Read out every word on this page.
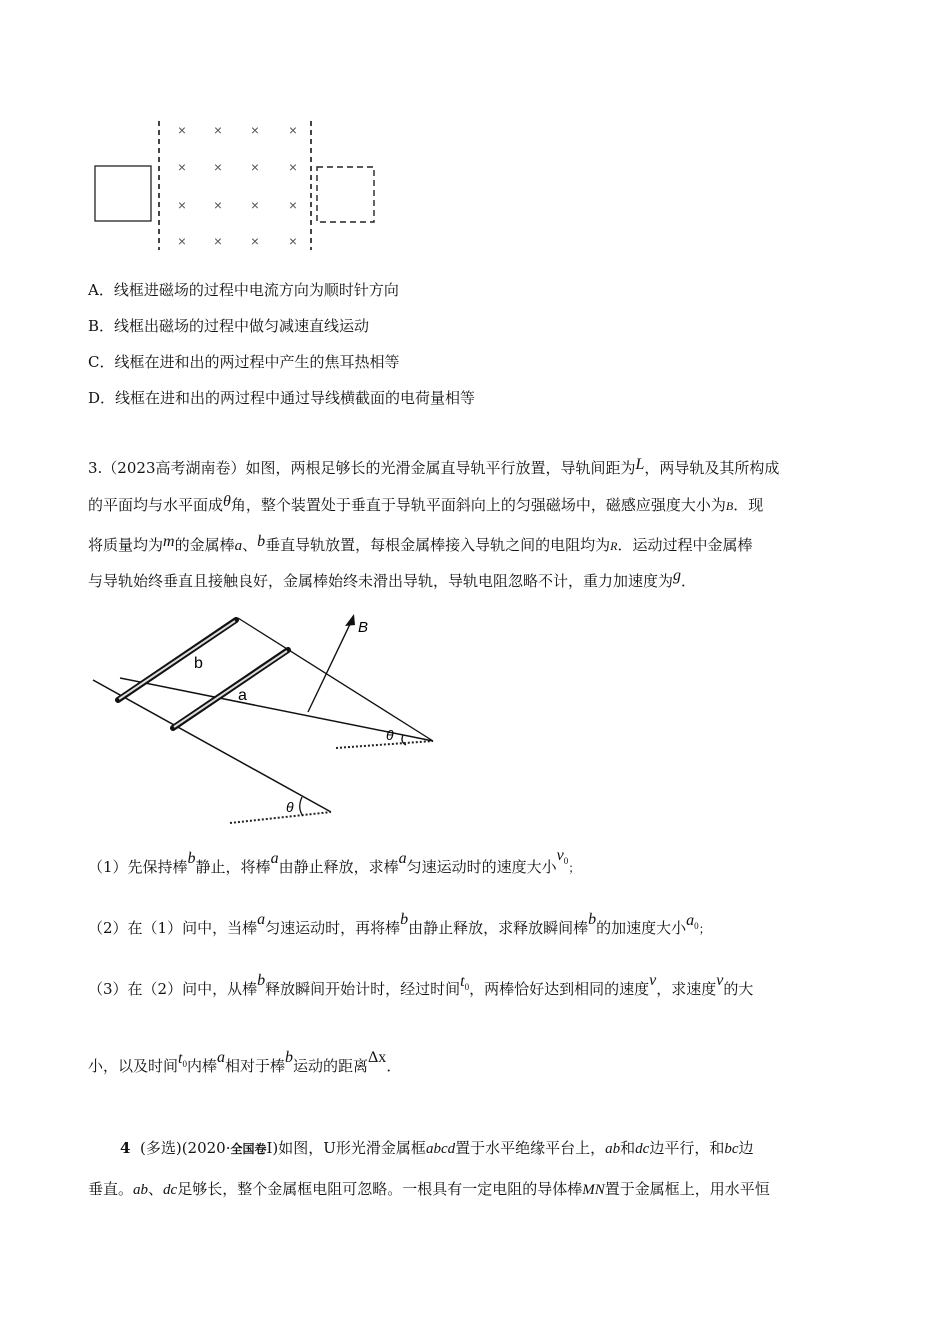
× × × ×
× × × ×
× × × ×
× × × ×
A．线框进磁场的过程中电流方向为顺时针方向
B．线框出磁场的过程中做匀减速直线运动
C．线框在进和出的两过程中产生的焦耳热相等
D．线框在进和出的两过程中通过导线横截面的电荷量相等
3.（2023高考湖南卷）如图，两根足够长的光滑金属直导轨平行放置，导轨间距为L，两导轨及其所构成
的平面均与水平面成θ角，整个装置处于垂直于导轨平面斜向上的匀强磁场中，磁感应强度大小为B．现
将质量均为m的金属棒a、b垂直导轨放置，每根金属棒接入导轨之间的电阻均为R．运动过程中金属棒
与导轨始终垂直且接触良好，金属棒始终未滑出导轨，导轨电阻忽略不计，重力加速度为g．
b
a
B
θ
θ
（1）先保持棒b静止，将棒a由静止释放，求棒a匀速运动时的速度大小$v_0$；
（2）在（1）问中，当棒a匀速运动时，再将棒b由静止释放，求释放瞬间棒b的加速度大小$a_0$；
（3）在（2）问中，从棒b释放瞬间开始计时，经过时间$t_0$，两棒恰好达到相同的速度v，求速度v的大
小，以及时间$t_0$内棒a相对于棒b运动的距离Δx．
4 (多选)(2020·全国卷Ⅰ)如图，U形光滑金属框abcd置于水平绝缘平台上，ab和dc边平行，和bc边
垂直。ab、dc足够长，整个金属框电阻可忽略。一根具有一定电阻的导体棒MN置于金属框上，用水平恒
